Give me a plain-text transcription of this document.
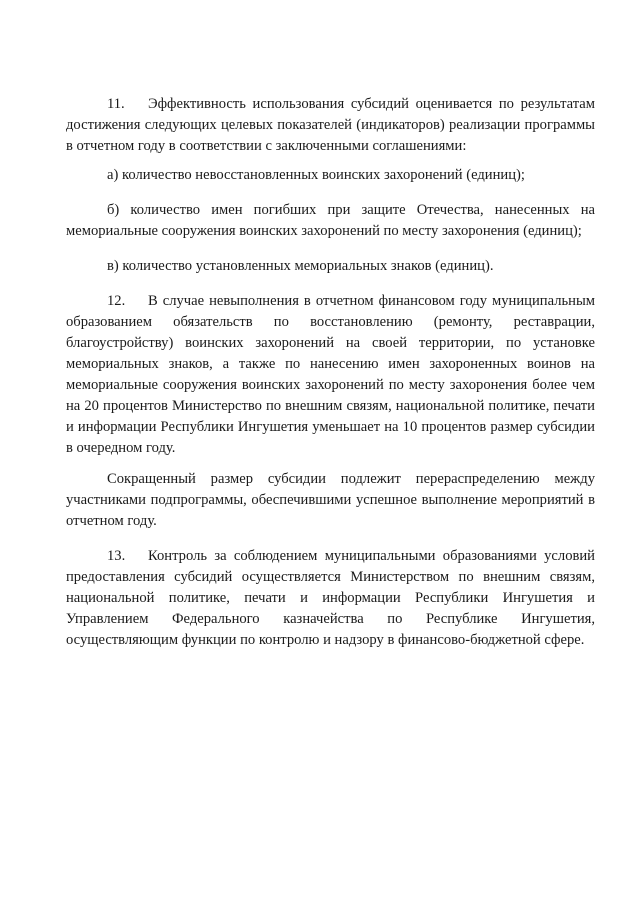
11. Эффективность использования субсидий оценивается по результатам достижения следующих целевых показателей (индикаторов) реализации программы в отчетном году в соответствии с заключенными соглашениями:

а) количество невосстановленных воинских захоронений (единиц);

б) количество имен погибших при защите Отечества, нанесенных на мемориальные сооружения воинских захоронений по месту захоронения (единиц);

в) количество установленных мемориальных знаков (единиц).

12. В случае невыполнения в отчетном финансовом году муниципальным образованием обязательств по восстановлению (ремонту, реставрации, благоустройству) воинских захоронений на своей территории, по установке мемориальных знаков, а также по нанесению имен захороненных воинов на мемориальные сооружения воинских захоронений по месту захоронения более чем на 20 процентов Министерство по внешним связям, национальной политике, печати и информации Республики Ингушетия уменьшает на 10 процентов размер субсидии в очередном году.

Сокращенный размер субсидии подлежит перераспределению между участниками подпрограммы, обеспечившими успешное выполнение мероприятий в отчетном году.

13. Контроль за соблюдением муниципальными образованиями условий предоставления субсидий осуществляется Министерством по внешним связям, национальной политике, печати и информации Республики Ингушетия и Управлением Федерального казначейства по Республике Ингушетия, осуществляющим функции по контролю и надзору в финансово-бюджетной сфере.
